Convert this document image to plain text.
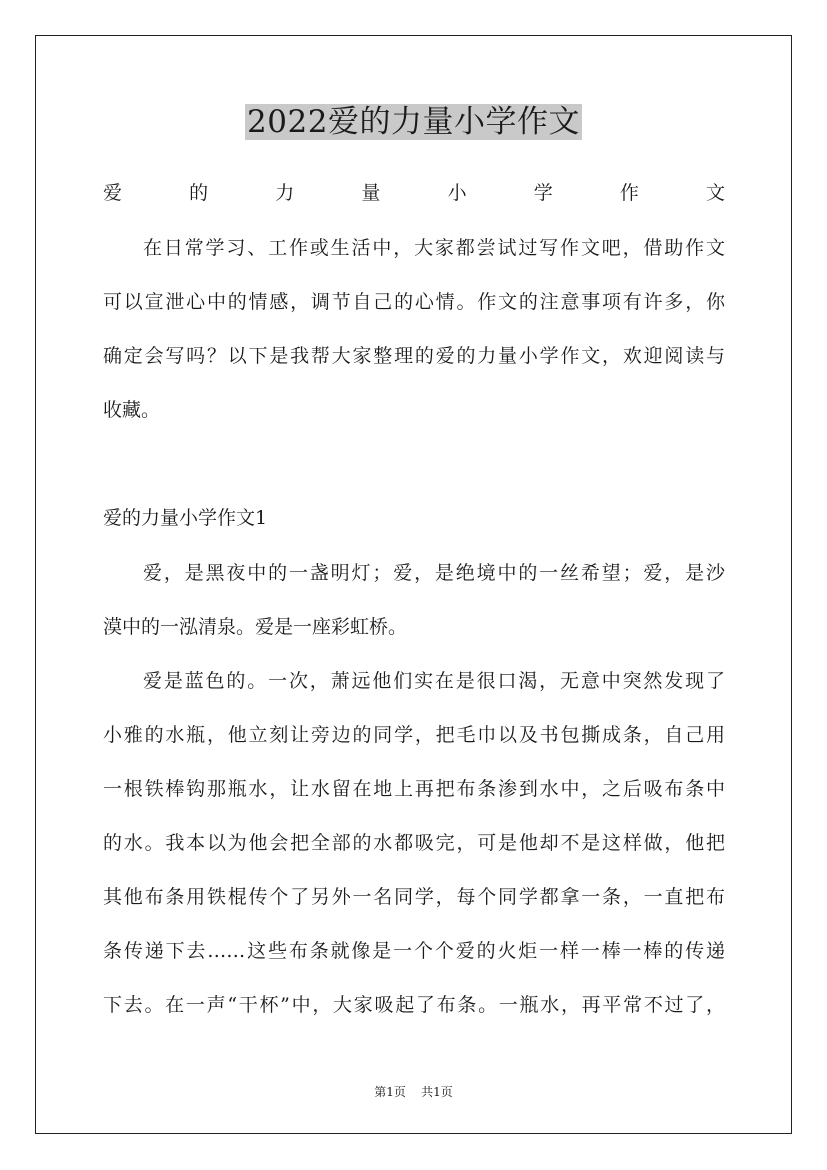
2022爱的力量小学作文

爱的力量小学作文

在日常学习、工作或生活中，大家都尝试过写作文吧，借助作文

可以宣泄心中的情感，调节自己的心情。作文的注意事项有许多，你

确定会写吗？以下是我帮大家整理的爱的力量小学作文，欢迎阅读与

收藏。

爱的力量小学作文1

爱，是黑夜中的一盏明灯；爱，是绝境中的一丝希望；爱，是沙

漠中的一泓清泉。爱是一座彩虹桥。

爱是蓝色的。一次，萧远他们实在是很口渴，无意中突然发现了

小雅的水瓶，他立刻让旁边的同学，把毛巾以及书包撕成条，自己用

一根铁棒钩那瓶水，让水留在地上再把布条渗到水中，之后吸布条中

的水。我本以为他会把全部的水都吸完，可是他却不是这样做，他把

其他布条用铁棍传个了另外一名同学，每个同学都拿一条，一直把布

条传递下去……这些布条就像是一个个爱的火炬一样一棒一棒的传递

下去。在一声“干杯”中，大家吸起了布条。一瓶水，再平常不过了，

第1页 共1页
